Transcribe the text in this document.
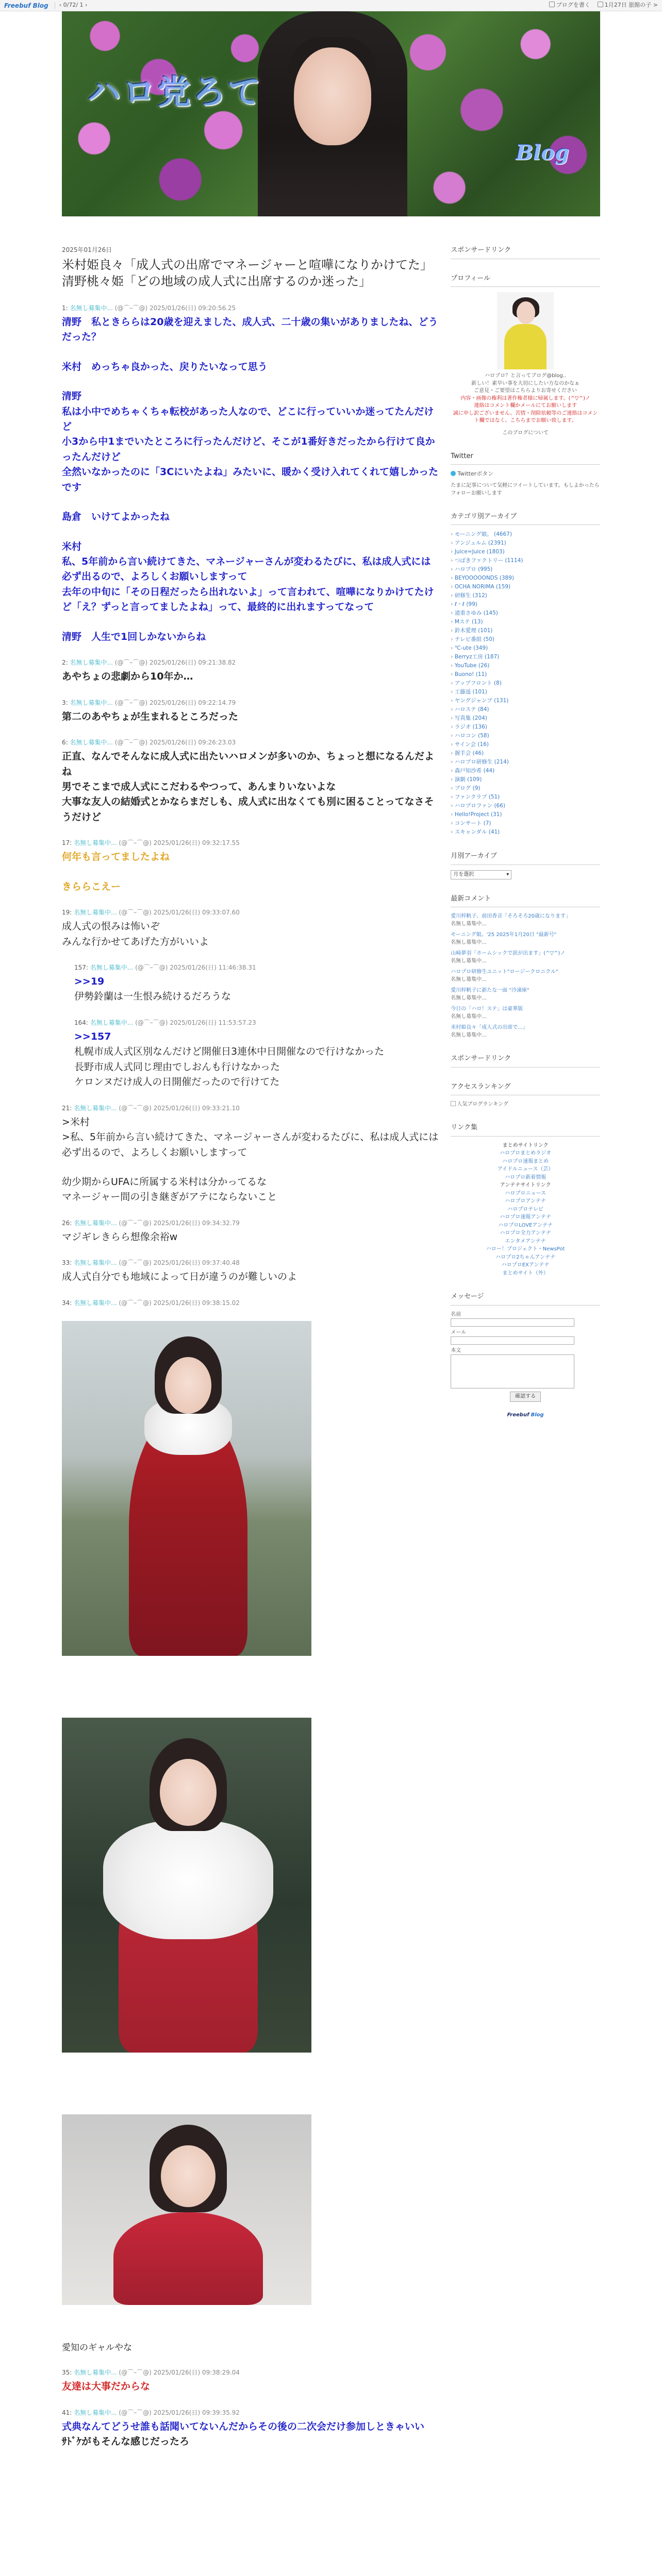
Freebuf Blog ‹ 0/72/ 1 ›	ブログを書く	1月27日 旅館の子 >
ハロ党ろて
Blog
2025年01月26日
米村姫良々「成人式の出席でマネージャーと喧嘩になりかけてた」清野桃々姫「どの地域の成人式に出席するのか迷った」
1: 名無し募集中... (@⌒ｰ⌒@) 2025/01/26(日) 09:20:56.25

清野　私ときららは20歳を迎えました、成人式、二十歳の集いがありましたね、どうだった？

米村　めっちゃ良かった、戻りたいなって思う

清野

私は小中でめちゃくちゃ転校があった人なので、どこに行っていいか迷ってたんだけど

小3から中1までいたところに行ったんだけど、そこが1番好きだったから行けて良かったんだけど

全然いなかったのに「3Cにいたよね」みたいに、暖かく受け入れてくれて嬉しかったです

島倉　いけてよかったね

米村

私、5年前から言い続けてきた、マネージャーさんが変わるたびに、私は成人式には必ず出るので、よろしくお願いしますって

去年の中旬に「その日程だったら出れないよ」って言われて、喧嘩になりかけてたけど「え？ずっと言ってましたよね」って、最終的に出れますってなって

清野　人生で1回しかないからね

2: 名無し募集中... (@⌒ｰ⌒@) 2025/01/26(日) 09:21:38.82

あやちょの悲劇から10年か…

3: 名無し募集中... (@⌒ｰ⌒@) 2025/01/26(日) 09:22:14.79

第二のあやちょが生まれるところだった

6: 名無し募集中... (@⌒ｰ⌒@) 2025/01/26(日) 09:26:23.03

正直、なんでそんなに成人式に出たいハロメンが多いのか、ちょっと想になるんだよね

男でそこまで成人式にこだわるやつって、あんまりいないよな

大事な友人の結婚式とかならまだしも、成人式に出なくても別に困ることってなさそうだけど

17: 名無し募集中... (@⌒ｰ⌒@) 2025/01/26(日) 09:32:17.55

何年も言ってましたよね

きららこえー

19: 名無し募集中... (@⌒ｰ⌒@) 2025/01/26(日) 09:33:07.60

成人式の恨みは怖いぞ

みんな行かせてあげた方がいいよ

157: 名無し募集中... (@⌒ｰ⌒@) 2025/01/26(日) 11:46:38.31

>>19

伊勢鈴蘭は一生恨み続けるだろうな

164: 名無し募集中... (@⌒ｰ⌒@) 2025/01/26(日) 11:53:57.23

>>157

札幌市成人式区別なんだけど開催日3連休中日開催なので行けなかった

長野市成人式同じ理由でしおんも行けなかった

ケロンヌだけ成人の日開催だったので行けてた

21: 名無し募集中... (@⌒ｰ⌒@) 2025/01/26(日) 09:33:21.10

>米村

>私、5年前から言い続けてきた、マネージャーさんが変わるたびに、私は成人式には必ず出るので、よろしくお願いしますって

幼少期からUFAに所属する米村は分かってるな

マネージャー間の引き継ぎがアテにならないこと

26: 名無し募集中... (@⌒ｰ⌒@) 2025/01/26(日) 09:34:32.79

マジギレきらら想像余裕w

33: 名無し募集中... (@⌒ｰ⌒@) 2025/01/26(日) 09:37:40.48

成人式自分でも地域によって日が違うのが難しいのよ

34: 名無し募集中... (@⌒ｰ⌒@) 2025/01/26(日) 09:38:15.02
愛知のギャルやな
35: 名無し募集中... (@⌒ｰ⌒@) 2025/01/26(日) 09:38:29.04
友達は大事だからな
41: 名無し募集中... (@⌒ｰ⌒@) 2025/01/26(日) 09:39:35.92

式典なんてどうせ誰も話聞いてないんだからその後の二次会だけ参加しときゃいい

ｻﾄﾞｹがもそんな感じだったろ

スポンサードリンク
プロフィール
ハロプロ？と言ってブログ@blog..
新しい！素早い事を大切にしたい方なのかなぁ
ご意見・ご要望はこちらよりお寄せください
内容・画像の権利は著作権者様に帰属します。(^▽^)ノ
連絡はコメント欄かメールにてお願いします
誠に申し訳ございません。苦情・削除依頼等のご連絡はコメント欄ではなく、こちらまでお願い致します。
このブログについて
Twitter
Twitterボタン
たまに記事について気軽にツイートしています。もしよかったらフォローお願いします
カテゴリ別アーカイブ
› モーニング娘。 (4667)
› アンジュルム (2391)
› Juice=Juice (1803)
› つばきファクトリー (1114)
› ハロプロ (995)
› BEYOOOOONDS (389)
› OCHA NORIMA (159)
› 研修生 (312)
› ℓ・ℓ (99)
› 道重さゆみ (145)
› Mステ (13)
› 鈴木愛理 (101)
› テレビ番組 (50)
› ℃-ute (349)
› Berryz工房 (187)
› YouTube (26)
› Buono! (11)
› アップフロント (8)
› 工藤遥 (101)
› ヤングジャンプ (131)
› ハロステ (84)
› 写真集 (204)
› ラジオ (136)
› ハロコン (58)
› サイン会 (16)
› 握手会 (46)
› ハロプロ研修生 (214)
› 森戸知沙希 (44)
› 演劇 (109)
› ブログ (9)
› ファンクラブ (51)
› ハロプロファン (66)
› Hello!Project (31)
› コンサート (7)
› スキャンダル (41)
月別アーカイブ
月を選択	▾
最新コメント
愛川梓帆子、前田香音「そろそろ20歳になります」
名無し募集中...
モーニング娘。'25 2025年1月20日 "最新号"
名無し募集中...
山﨑夢羽「ホームシックで涙が出ます」(^▽^)ノ
名無し募集中...
ハロプロ研修生ユニット"ロージークロニクル"
名無し募集中...
愛川梓帆子に新たな一面 "冷凍庫"
名無し募集中...
今日の「ハロ！ステ」は豪華版
名無し募集中...
米村姫良々「成人式の出席で...」
名無し募集中...
スポンサードリンク
アクセスランキング
人気ブログランキング
リンク集
まとめサイトリンク
ハロプロまとめラジオ
ハロプロ速報まとめ
アイドルニュース（芸）
ハロプロ新着情報
アンテナサイトリンク
ハロプロニュース
ハロプロアンテナ
ハロプロテレビ
ハロプロ速報アンテナ
ハロプロLOVEアンテナ
ハロプロ全力アンテナ
エンタメアンテナ
ハロー！プロジェクト・NewsPot
ハロプロ2ちゃんアンテナ
ハロプロEXアンテナ
まとめサイト（外）
メッセージ
名前
メール
本文
確認する
Freebuf Blog
